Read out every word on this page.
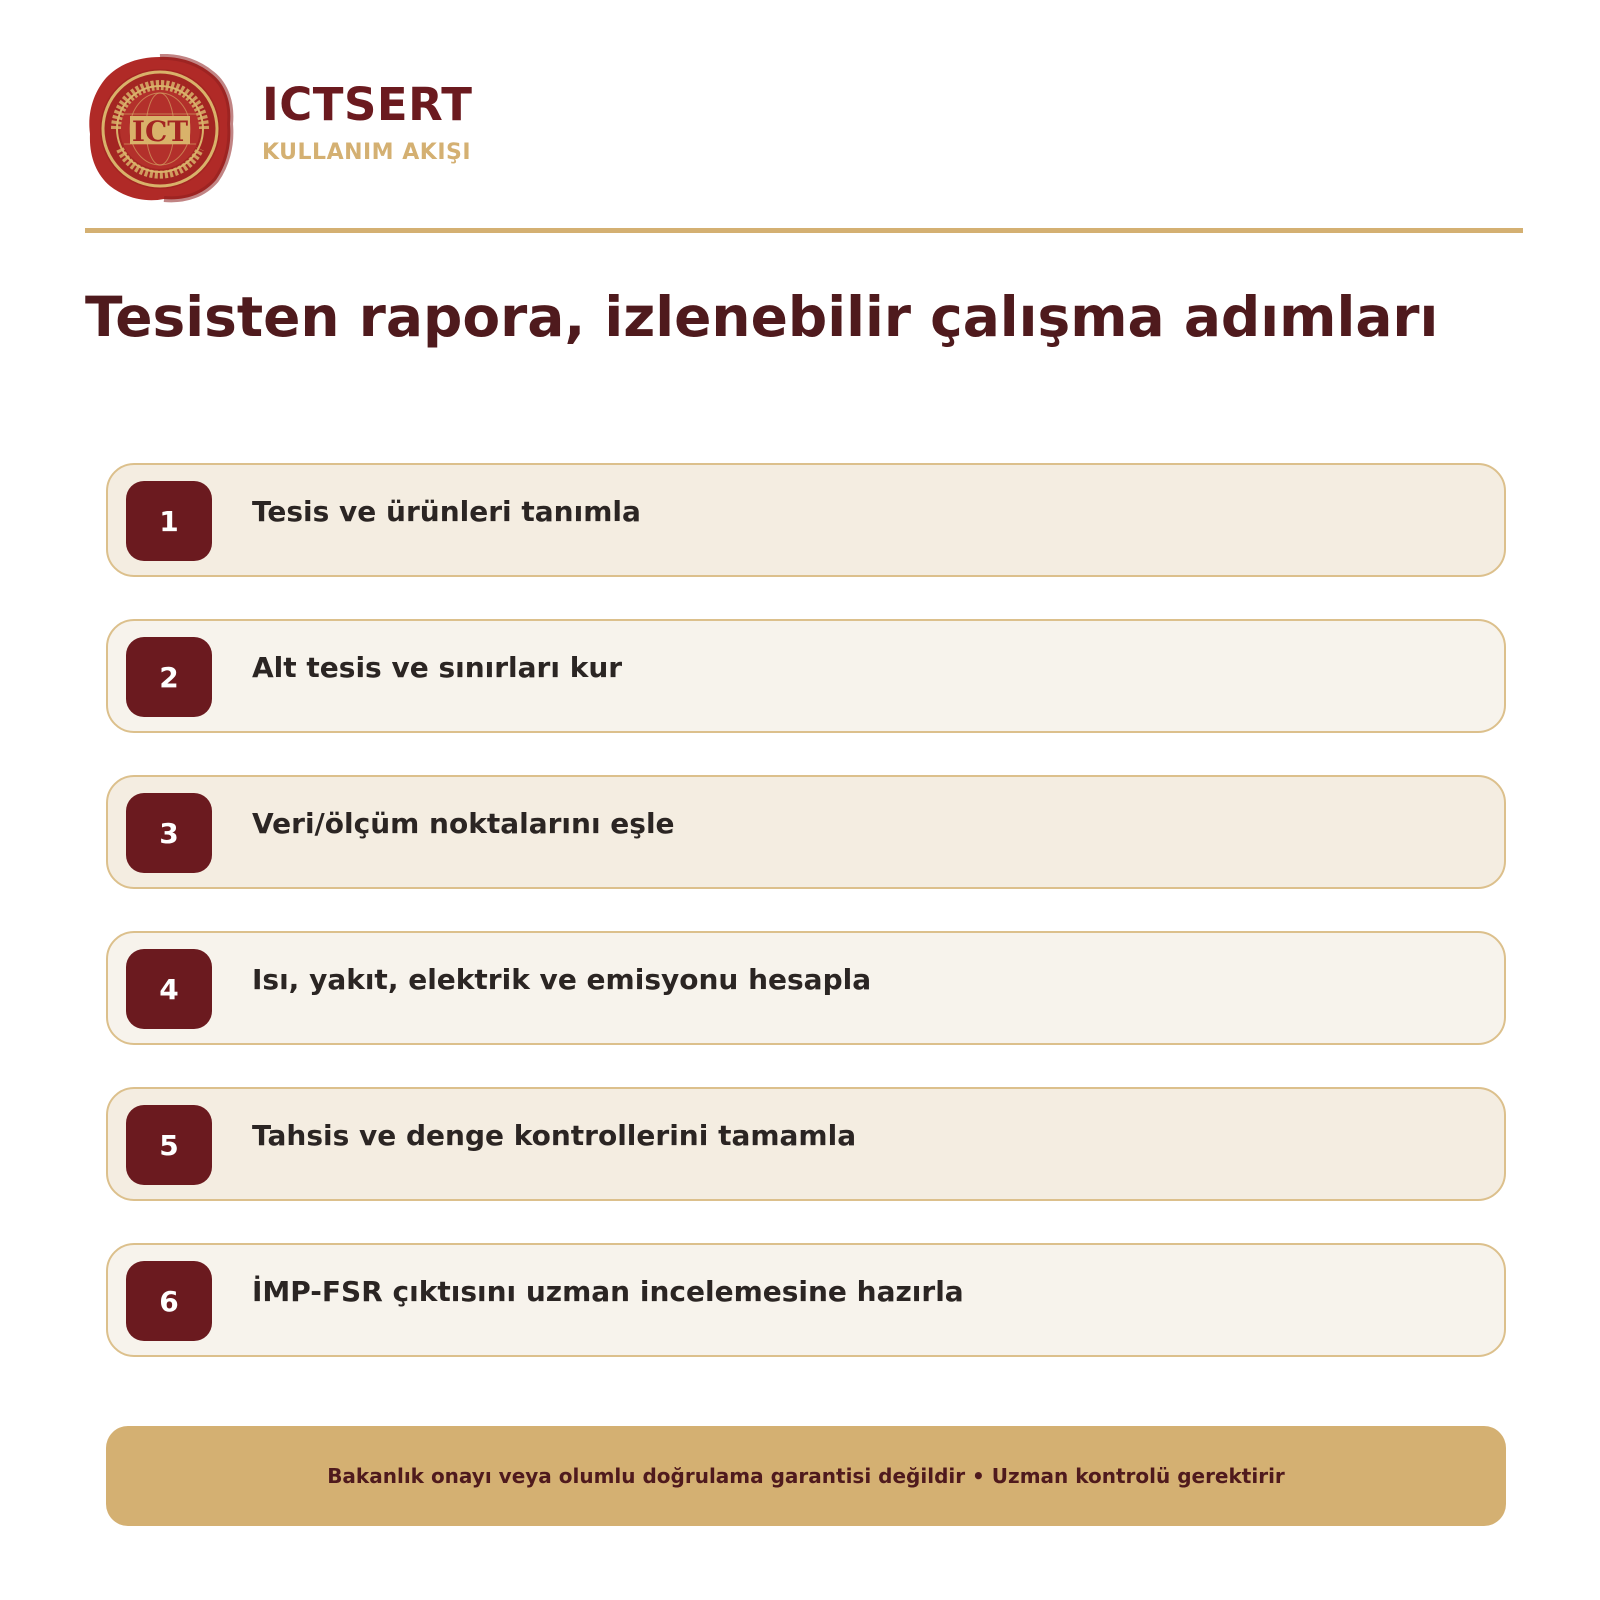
ICT
ICTSERT
KULLANIM AKIŞI
Tesisten rapora, izlenebilir çalışma adımları
1	Tesis ve ürünleri tanımla
2	Alt tesis ve sınırları kur
3	Veri/ölçüm noktalarını eşle
4	Isı, yakıt, elektrik ve emisyonu hesapla
5	Tahsis ve denge kontrollerini tamamla
6	İMP-FSR çıktısını uzman incelemesine hazırla
Bakanlık onayı veya olumlu doğrulama garantisi değildir • Uzman kontrolü gerektirir
